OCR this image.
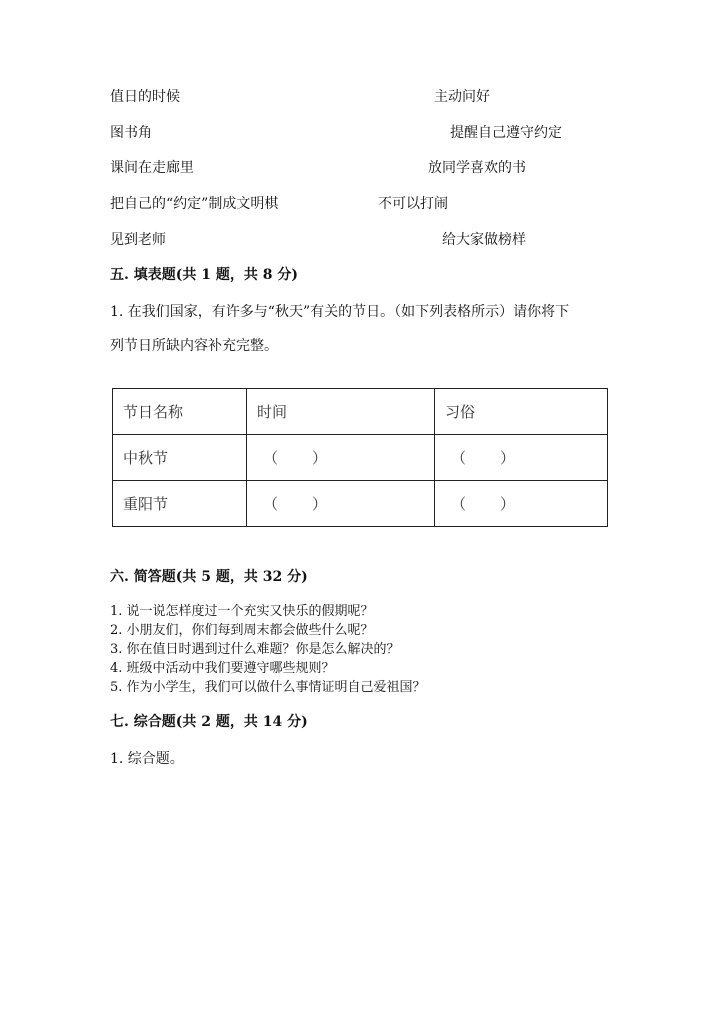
值日的时候
图书角
课间在走廊里
把自己的“约定”制成文明棋
见到老师
主动问好
提醒自己遵守约定
放同学喜欢的书
不可以打闹
给大家做榜样
五. 填表题(共 1 题，共 8 分)
1. 在我们国家，有许多与“秋天”有关的节日。（如下列表格所示）请你将下
列节日所缺内容补充完整。
节日名称	时间	习俗
中秋节	（ ）	（ ）

重阳节	（ ）	（ ）
六. 简答题(共 5 题，共 32 分)
1. 说一说怎样度过一个充实又快乐的假期呢？
2. 小朋友们，你们每到周末都会做些什么呢？
3. 你在值日时遇到过什么难题？你是怎么解决的？
4. 班级中活动中我们要遵守哪些规则？
5. 作为小学生，我们可以做什么事情证明自己爱祖国？
七. 综合题(共 2 题，共 14 分)
1. 综合题。
